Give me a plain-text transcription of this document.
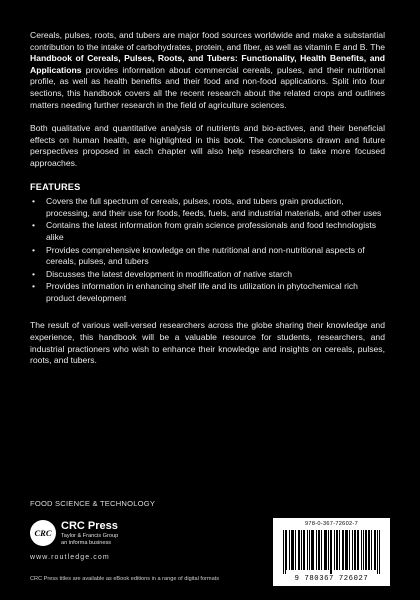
Cereals, pulses, roots, and tubers are major food sources worldwide and make a substantial contribution to the intake of carbohydrates, protein, and fiber, as well as vitamin E and B. The Handbook of Cereals, Pulses, Roots, and Tubers: Functionality, Health Benefits, and Applications provides information about commercial cereals, pulses, and their nutritional profile, as well as health benefits and their food and non-food applications. Split into four sections, this handbook covers all the recent research about the related crops and outlines matters needing further research in the field of agriculture sciences.

Both qualitative and quantitative analysis of nutrients and bio-actives, and their beneficial effects on human health, are highlighted in this book. The conclusions drawn and future perspectives proposed in each chapter will also help researchers to take more focused approaches.

FEATURES
• Covers the full spectrum of cereals, pulses, roots, and tubers grain production, processing, and their use for foods, feeds, fuels, and industrial materials, and other uses
• Contains the latest information from grain science professionals and food technologists alike
• Provides comprehensive knowledge on the nutritional and non-nutritional aspects of cereals, pulses, and tubers
• Discusses the latest development in modification of native starch
• Provides information in enhancing shelf life and its utilization in phytochemical rich product development

The result of various well-versed researchers across the globe sharing their knowledge and experience, this handbook will be a valuable resource for students, researchers, and industrial practioners who wish to enhance their knowledge and insights on cereals, pulses, roots, and tubers.

FOOD SCIENCE & TECHNOLOGY
CRC
CRC Press
Taylor & Francis Group
an informa business
www.routledge.com
CRC Press titles are available as eBook editions in a range of digital formats
978-0-367-72602-7
9 780367 726027
